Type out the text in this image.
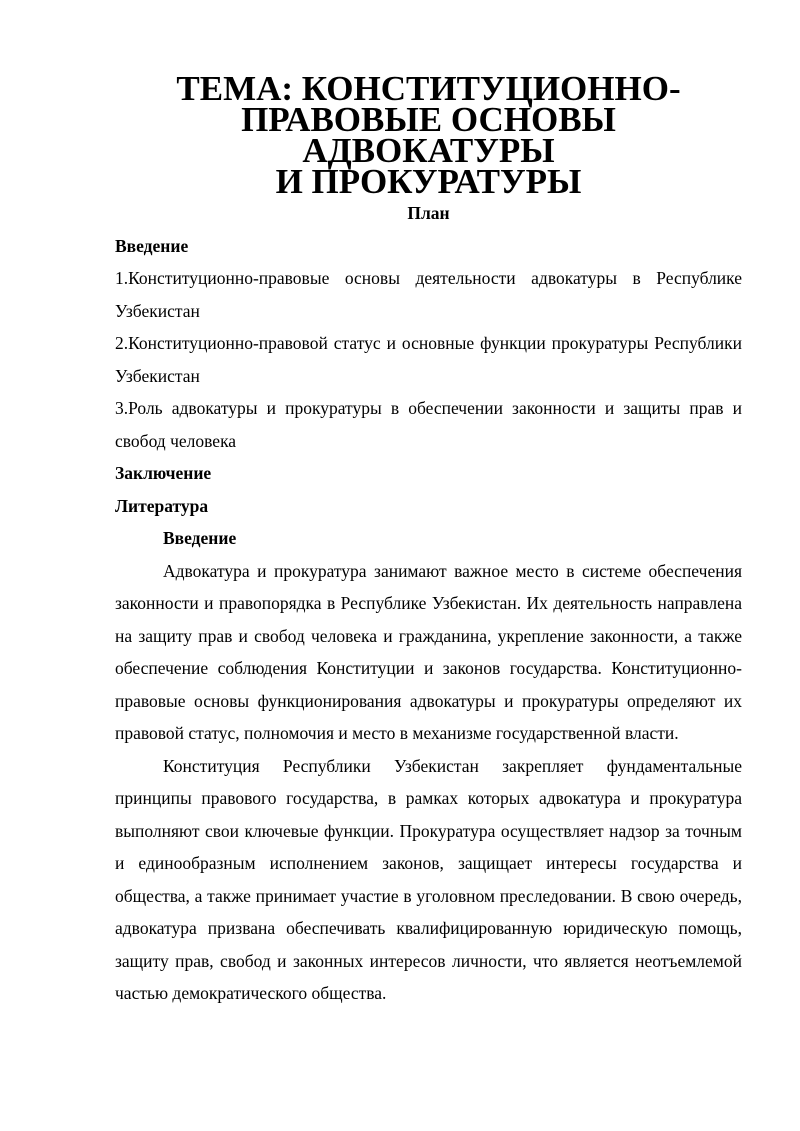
ТЕМА: КОНСТИТУЦИОННО-ПРАВОВЫЕ ОСНОВЫ АДВОКАТУРЫ
И ПРОКУРАТУРЫ

План

Введение
1.Конституционно-правовые основы деятельности адвокатуры в Республике Узбекистан
2.Конституционно-правовой статус и основные функции прокуратуры Республики Узбекистан
3.Роль адвокатуры и прокуратуры в обеспечении законности и защиты прав и свобод человека
Заключение
Литература

Введение

Адвокатура и прокуратура занимают важное место в системе обеспечения законности и правопорядка в Республике Узбекистан. Их деятельность направлена на защиту прав и свобод человека и гражданина, укрепление законности, а также обеспечение соблюдения Конституции и законов государства. Конституционно-правовые основы функционирования адвокатуры и прокуратуры определяют их правовой статус, полномочия и место в механизме государственной власти.

Конституция Республики Узбекистан закрепляет фундаментальные принципы правового государства, в рамках которых адвокатура и прокуратура выполняют свои ключевые функции. Прокуратура осуществляет надзор за точным и единообразным исполнением законов, защищает интересы государства и общества, а также принимает участие в уголовном преследовании. В свою очередь, адвокатура призвана обеспечивать квалифицированную юридическую помощь, защиту прав, свобод и законных интересов личности, что является неотъемлемой частью демократического общества.
